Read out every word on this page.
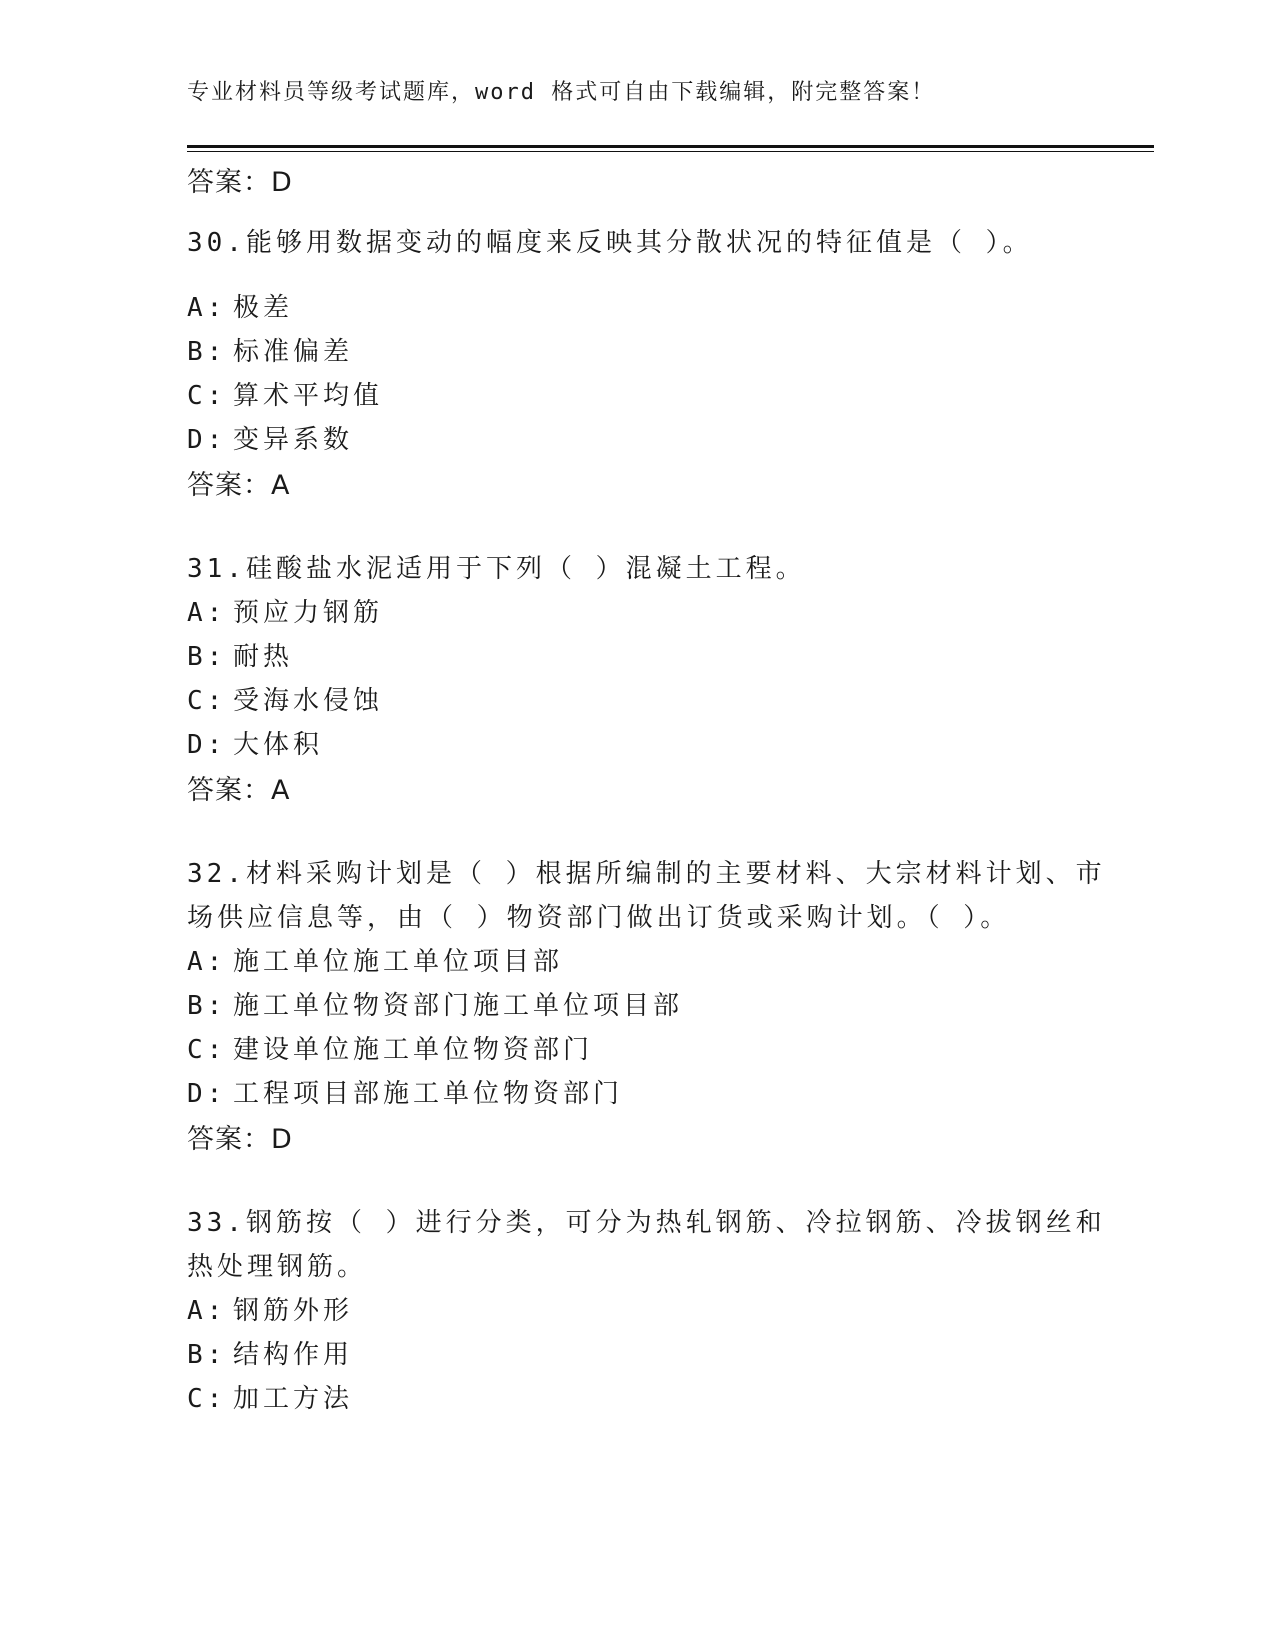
专业材料员等级考试题库，word 格式可自由下载编辑，附完整答案！
答案：D
30.能够用数据变动的幅度来反映其分散状况的特征值是（ ）。
A: 极差
B: 标准偏差
C: 算术平均值
D: 变异系数
答案：A
31.硅酸盐水泥适用于下列（ ）混凝土工程。
A: 预应力钢筋
B: 耐热
C: 受海水侵蚀
D: 大体积
答案：A
32.材料采购计划是（ ）根据所编制的主要材料、大宗材料计划、市
场供应信息等，由（ ）物资部门做出订货或采购计划。（ ）。
A: 施工单位施工单位项目部
B: 施工单位物资部门施工单位项目部
C: 建设单位施工单位物资部门
D: 工程项目部施工单位物资部门
答案：D
33.钢筋按（ ）进行分类，可分为热轧钢筋、冷拉钢筋、冷拔钢丝和
热处理钢筋。
A: 钢筋外形
B: 结构作用
C: 加工方法
